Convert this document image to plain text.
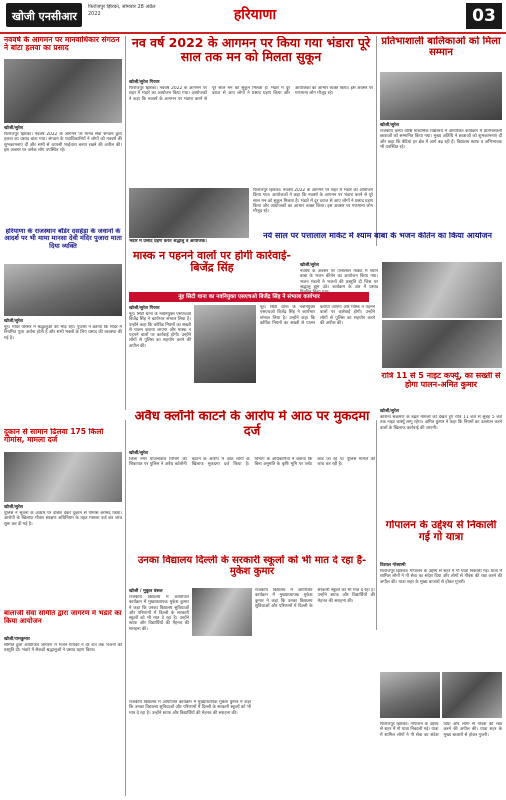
खोजी एनसीआर
फिरोजपुर झिरका, सोमवार 28 अप्रैल 2022	हरियाणा	03
नववर्ष के आगमन पर मानवाधिकार संगठन ने बांटा हलवा का प्रसाद
खोजी/सुरेश
फिरोजपुर झिरका। नववर्ष 2022 के आगमन पर मानव सेवा संगठन द्वारा हलवा का प्रसाद बांटा गया। संगठन के पदाधिकारियों ने लोगों को नववर्ष की शुभकामनाएं दीं और सभी से आपसी भाईचारा बनाए रखने की अपील की। इस अवसर पर अनेक लोग उपस्थित रहे।
हरियाणा के राजस्थान बॉर्डर दसहेड़ा के जवानों के आदर्श पर भी मामा मानसा देवी मंदिर पुजारा माता दिया व्यक्ति
खोजी/सुरेश
नूंह। मंदिर परिसर में श्रद्धालुओं की भीड़ रही। पुजारी ने बताया कि मंदिर में नियमित पूजा अर्चना होती है और सभी भक्तों के लिए प्रसाद की व्यवस्था की गई है।
दुकान से सामान ढिलवा 175 किलो गोमांस, मामला दर्ज
खोजी/सुरेश
पुलिस ने सूचना के आधार पर दबिश देकर दुकान से गोमांस बरामद किया। आरोपी के खिलाफ गौवंश संरक्षण अधिनियम के तहत मामला दर्ज कर जांच शुरू कर दी गई है।
बालाजी सेवा समिति द्वारा जागरण में भंडारे का किया आयोजन
खोजी/रामकुमार
समिति द्वारा आयोजित जागरण में भजन गायकों ने देर रात तक भजनों की प्रस्तुति दी। भंडारे में सैकड़ों श्रद्धालुओं ने प्रसाद ग्रहण किया।
नव वर्ष 2022 के आगमन पर किया गया भंडारा पूरे साल तक मन को मिलता सुकून
खोजी/सुरेश गिरधर
फिरोजपुर झिरका। नववर्ष 2022 के आगमन पर शहर में भंडारे का आयोजन किया गया। आयोजकों ने कहा कि नववर्ष के आगमन पर भंडारा करने से पूरे साल मन को सुकून मिलता है। भंडारे में दूर दराज से आए लोगों ने प्रसाद ग्रहण किया और आयोजकों का आभार व्यक्त किया। इस अवसर पर गणमान्य लोग मौजूद रहे।
भंडारे में प्रसाद ग्रहण करते श्रद्धालु व आयोजक।
फिरोजपुर झिरका। नववर्ष 2022 के आगमन पर शहर में भंडारे का आयोजन किया गया। आयोजकों ने कहा कि नववर्ष के आगमन पर भंडारा करने से पूरे साल मन को सुकून मिलता है। भंडारे में दूर दराज से आए लोगों ने प्रसाद ग्रहण किया और आयोजकों का आभार व्यक्त किया। इस अवसर पर गणमान्य लोग मौजूद रहे।
प्रतिभाशाली बालिकाओं को मिला सम्मान
खोजी/सुरेश
राजकीय कन्या वरिष्ठ माध्यमिक विद्यालय में आयोजित कार्यक्रम में प्रतिभाशाली छात्राओं को सम्मानित किया गया। मुख्य अतिथि ने छात्राओं को शुभकामनाएं दीं और कहा कि बेटियां हर क्षेत्र में आगे बढ़ रही हैं। विद्यालय स्टाफ व अभिभावक भी उपस्थित रहे।
नये साल पर पत्तालाल मार्केट में श्याम बाबा के भजन कीर्तन का किया आयोजन
खोजी/सुरेश
नववर्ष के अवसर पर पत्तालाल मार्केट में श्याम बाबा के भजन कीर्तन का आयोजन किया गया। भजन मंडली ने भजनों की प्रस्तुति दी जिस पर श्रद्धालु झूम उठे। कार्यक्रम के अंत में प्रसाद
मास्क न पहनने वालों पर होगी कार्रवाई-बिजेंद्र सिंह
नूंह सिटी थाना का नवनियुक्त एसएचओ बिजेंद्र सिंह ने संभाला कार्यभार
खोजी/सुरेश गिरधर
नूंह। सिटी थाना के नवनियुक्त एसएचओ बिजेंद्र सिंह ने कार्यभार संभाल लिया है। उन्होंने कहा कि कोविड नियमों का सख्ती से पालन कराया जाएगा और मास्क न पहनने वालों पर कार्रवाई होगी। उन्होंने लोगों से पुलिस का सहयोग करने की अपील की।
नूंह। सिटी थाना के नवनियुक्त एसएचओ बिजेंद्र सिंह ने कार्यभार संभाल लिया है। उन्होंने कहा कि कोविड नियमों का सख्ती से पालन कराया जाएगा और मास्क न पहनने वालों पर कार्रवाई होगी। उन्होंने लोगों से पुलिस का सहयोग करने की अपील की।
रात्रि 11 से 5 नाइट कर्फ्यू, का सख्ती से होगा पालन-अमित कुमार
खोजी/सुरेश
कोरोना संक्रमण के बढ़ते मामलों को देखते हुए रात्रि 11 बजे से सुबह 5 बजे तक नाइट कर्फ्यू लागू रहेगा। अमित कुमार ने कहा कि नियमों का उल्लंघन करने वालों के खिलाफ कार्रवाई की जाएगी।
अवैध क्लॉनी काटने के आरोप में आठ पर मुकदमा दर्ज
खोजी/सुरेश
जिला नगर योजनाकार विभाग की शिकायत पर पुलिस ने अवैध कॉलोनी काटने के आरोप में आठ लोगों के खिलाफ मुकदमा दर्ज किया है। विभाग के अधिकारियों ने बताया कि बिना अनुमति के कृषि भूमि पर प्लॉट काटे जा रहे थे। पुलिस मामले की जांच कर रही है।
उनका विद्यालय दिल्ली के सरकारी स्कूलों को भी मात दे रहा है- मुकेश कुमार
खोजी / मुकुल बंसल
राजकीय विद्यालय में आयोजित कार्यक्रम में मुख्याध्यापक मुकेश कुमार ने कहा कि उनका विद्यालय सुविधाओं और परिणामों में दिल्ली के सरकारी स्कूलों को भी मात दे रहा है। उन्होंने स्टाफ और विद्यार्थियों की मेहनत की सराहना की।
राजकीय विद्यालय में आयोजित कार्यक्रम में मुख्याध्यापक मुकेश कुमार ने कहा कि उनका विद्यालय सुविधाओं और परिणामों में दिल्ली के सरकारी स्कूलों को भी मात दे रहा है। उन्होंने स्टाफ और विद्यार्थियों की मेहनत की सराहना की।
राजकीय विद्यालय में आयोजित कार्यक्रम में मुख्याध्यापक मुकेश कुमार ने कहा कि उनका विद्यालय सुविधाओं और परिणामों में दिल्ली के सरकारी स्कूलों को भी मात दे रहा है। उन्होंने स्टाफ और विद्यार्थियों की मेहनत की सराहना की।
गोपालन के उद्देश्य से निकाली गई गो यात्रा
विशाल गोस्वामी
फिरोजपुर झिरका। गोपालन के उद्देश्य से शहर में गो यात्रा निकाली गई। यात्रा में शामिल लोगों ने गौ सेवा का संदेश दिया और लोगों से गौवंश की रक्षा करने की अपील की। यात्रा शहर के मुख्य बाजारों से होकर गुजरी।
फिरोजपुर झिरका। गोपालन के उद्देश्य से शहर में गो यात्रा निकाली गई। यात्रा में शामिल लोगों ने गौ सेवा का संदेश दिया और लोगों से गौवंश की रक्षा करने की अपील की। यात्रा शहर के मुख्य बाजारों से होकर गुजरी।
